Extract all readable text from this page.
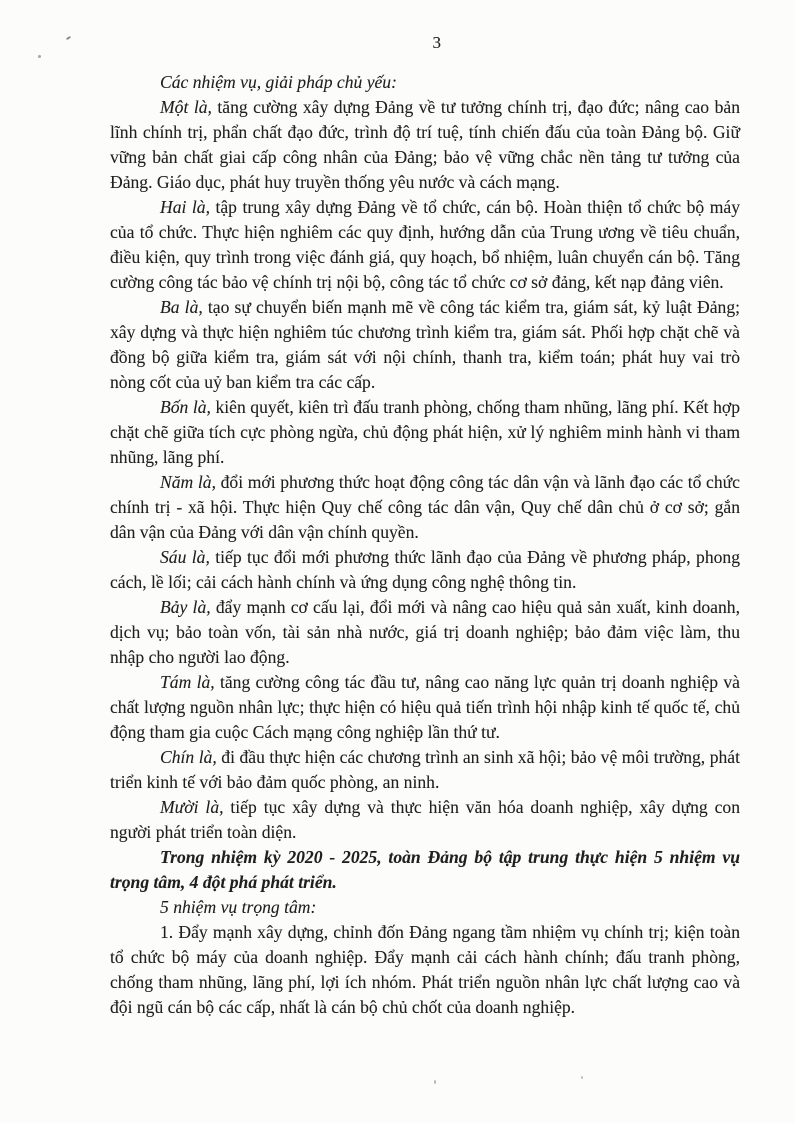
3

Các nhiệm vụ, giải pháp chủ yếu:

Một là, tăng cường xây dựng Đảng về tư tưởng chính trị, đạo đức; nâng cao bản lĩnh chính trị, phẩn chất đạo đức, trình độ trí tuệ, tính chiến đấu của toàn Đảng bộ. Giữ vững bản chất giai cấp công nhân của Đảng; bảo vệ vững chắc nền tảng tư tưởng của Đảng. Giáo dục, phát huy truyền thống yêu nước và cách mạng.

Hai là, tập trung xây dựng Đảng về tổ chức, cán bộ. Hoàn thiện tổ chức bộ máy của tổ chức. Thực hiện nghiêm các quy định, hướng dẫn của Trung ương về tiêu chuẩn, điều kiện, quy trình trong việc đánh giá, quy hoạch, bổ nhiệm, luân chuyển cán bộ. Tăng cường công tác bảo vệ chính trị nội bộ, công tác tổ chức cơ sở đảng, kết nạp đảng viên.

Ba là, tạo sự chuyển biến mạnh mẽ về công tác kiểm tra, giám sát, kỷ luật Đảng; xây dựng và thực hiện nghiêm túc chương trình kiểm tra, giám sát. Phối hợp chặt chẽ và đồng bộ giữa kiểm tra, giám sát với nội chính, thanh tra, kiểm toán; phát huy vai trò nòng cốt của uỷ ban kiểm tra các cấp.

Bốn là, kiên quyết, kiên trì đấu tranh phòng, chống tham nhũng, lãng phí. Kết hợp chặt chẽ giữa tích cực phòng ngừa, chủ động phát hiện, xử lý nghiêm minh hành vi tham nhũng, lãng phí.

Năm là, đổi mới phương thức hoạt động công tác dân vận và lãnh đạo các tổ chức chính trị - xã hội. Thực hiện Quy chế công tác dân vận, Quy chế dân chủ ở cơ sở; gắn dân vận của Đảng với dân vận chính quyền.

Sáu là, tiếp tục đổi mới phương thức lãnh đạo của Đảng về phương pháp, phong cách, lề lối; cải cách hành chính và ứng dụng công nghệ thông tin.

Bảy là, đẩy mạnh cơ cấu lại, đổi mới và nâng cao hiệu quả sản xuất, kinh doanh, dịch vụ; bảo toàn vốn, tài sản nhà nước, giá trị doanh nghiệp; bảo đảm việc làm, thu nhập cho người lao động.

Tám là, tăng cường công tác đầu tư, nâng cao năng lực quản trị doanh nghiệp và chất lượng nguồn nhân lực; thực hiện có hiệu quả tiến trình hội nhập kinh tế quốc tế, chủ động tham gia cuộc Cách mạng công nghiệp lần thứ tư.

Chín là, đi đầu thực hiện các chương trình an sinh xã hội; bảo vệ môi trường, phát triển kinh tế với bảo đảm quốc phòng, an ninh.

Mười là, tiếp tục xây dựng và thực hiện văn hóa doanh nghiệp, xây dựng con người phát triển toàn diện.

Trong nhiệm kỳ 2020 - 2025, toàn Đảng bộ tập trung thực hiện 5 nhiệm vụ trọng tâm, 4 đột phá phát triển.

5 nhiệm vụ trọng tâm:

1. Đẩy mạnh xây dựng, chỉnh đốn Đảng ngang tầm nhiệm vụ chính trị; kiện toàn tổ chức bộ máy của doanh nghiệp. Đẩy mạnh cải cách hành chính; đấu tranh phòng, chống tham nhũng, lãng phí, lợi ích nhóm. Phát triển nguồn nhân lực chất lượng cao và đội ngũ cán bộ các cấp, nhất là cán bộ chủ chốt của doanh nghiệp.
